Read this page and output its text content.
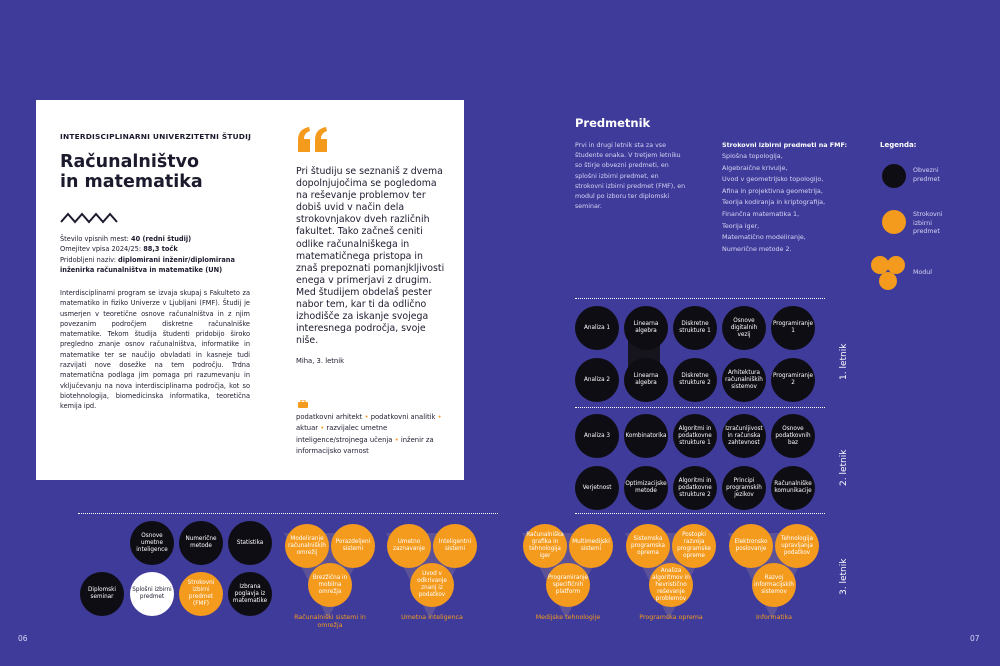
INTERDISCIPLINARNI UNIVERZITETNI ŠTUDIJ
Računalništvo
in matematika
Število vpisnih mest: 40 (redni študij)
Omejitev vpisa 2024/25: 88,3 točk
Pridobljeni naziv: diplomirani inženir/diplomirana
inženirka računalništva in matematike (UN)
Interdisciplinarni program se izvaja skupaj s Fakulteto za matematiko in fiziko Univerze v Ljubljani (FMF). Študij je usmerjen v teoretične osnove računalništva in z njim povezanim področjem diskretne računalniške matematike. Tekom študija študenti pridobijo široko pregledno znanje osnov računalništva, informatike in matematike ter se naučijo obvladati in kasneje tudi razvijati nove dosežke na tem področju. Trdna matematična podlaga jim pomaga pri razumevanju in vključevanju na nova interdisciplinarna področja, kot so biotehnologija, biomedicinska informatika, teoretična kemija ipd.
Pri študiju se seznaniš z dvema dopolnjujočima se pogledoma na reševanje problemov ter dobiš uvid v način dela strokovnjakov dveh različnih fakultet. Tako začneš ceniti odlike računalniškega in matematičnega pristopa in znaš prepoznati pomanjkljivosti enega v primerjavi z drugim. Med študijem obdelaš pester nabor tem, kar ti da odlično izhodišče za iskanje svojega interesnega področja, svoje niše.
Miha, 3. letnik
podatkovni arhitekt • podatkovni analitik • aktuar • razvijalec umetne inteligence/strojnega učenja • inženir za informacijsko varnost
Predmetnik
Prvi in drugi letnik sta za vse študente enaka. V tretjem letniku so štirje obvezni predmeti, en splošni izbirni predmet, en strokovni izbirni predmet (FMF), en modul po izboru ter diplomski seminar.
Strokovni izbirni predmeti na FMF:
Splošna topologija,
Algebraične krivulje,
Uvod v geometrijsko topologijo,
Afina in projektivna geometrija,
Teorija kodiranja in kriptografija,
Finančna matematika 1,
Teorija iger,
Matematično modeliranje,
Numerične metode 2.
Legenda:
Obvezni predmet
Strokovni izbirni predmet
Modul
Analiza 1
Linearna algebra
Diskretne strukture 1
Osnove digitalnih vezij
Programiranje 1
Analiza 2
Linearna algebra
Diskretne strukture 2
Arhitektura računalniških sistemov
Programiranje 2
1. letnik
Analiza 3	Kombinatorika
Algoritmi in podatkovne strukture 1
Izračunljivost in računska zahtevnost
Osnove podatkovnih baz
Verjetnost
Optimizacijske metode
Algoritmi in podatkovne strukture 2
Principi programskih jezikov
Računalniške komunikacije
2. letnik
Osnove umetne inteligence
Numerične metode
Statistika
Diplomski seminar
Splošni izbirni predmet
Strokovni izbirni predmet (FMF)
Izbrana poglavja iz matematike
Modeliranje računalniških omrežij
Porazdeljeni sistemi
Brezžična in mobilna omrežja
Računalniški sistemi in omrežja
Umetno zaznavanje
Inteligentni sistemi
Uvod v odkrivanje znanj iz podatkov
Umetna inteligenca
Računalniška grafika in tehnologija iger
Multimedijski sistemi
Programiranje specifičnih platform
Medijske tehnologije
Sistemska programska oprema
Postopki razvoja programske opreme
Analiza algoritmov in hevristično reševanje problemov
Programska oprema
Elektronsko poslovanje
Tehnologija upravljanja podatkov
Razvoj informacijskih sistemov
Informatika
3. letnik
06	07
